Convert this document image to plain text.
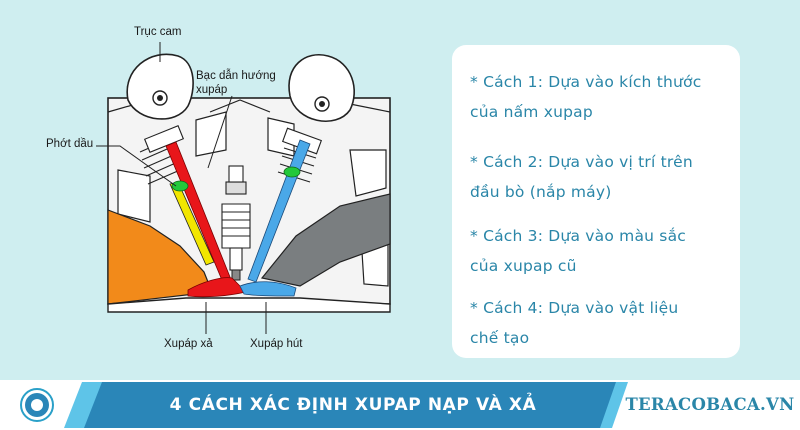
Trục cam
Bạc dẫn hướng
xupáp
Phớt dầu
Xupáp xả	Xupáp hút
* Cách 1: Dựa vào kích thước
của nấm xupap
* Cách 2: Dựa vào vị trí trên
đầu bò (nắp máy)
* Cách 3: Dựa vào màu sắc
của xupap cũ
* Cách 4: Dựa vào vật liệu
chế tạo
4 CÁCH XÁC ĐỊNH XUPAP NẠP VÀ XẢ	TERACOBACA.VN
